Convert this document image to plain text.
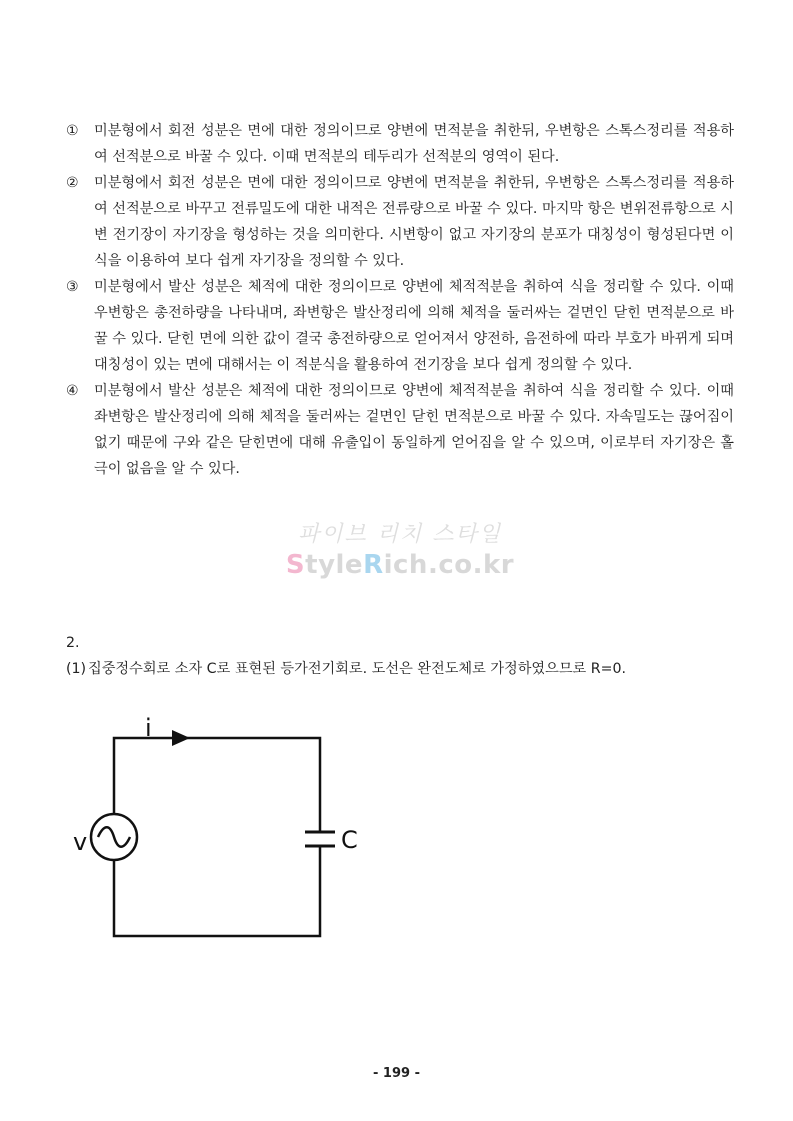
①	미분형에서 회전 성분은 면에 대한 정의이므로 양변에 면적분을 취한뒤, 우변항은 스톡스정리를 적용하여 선적분으로 바꿀 수 있다. 이때 면적분의 테두리가 선적분의 영역이 된다.
②	미분형에서 회전 성분은 면에 대한 정의이므로 양변에 면적분을 취한뒤, 우변항은 스톡스정리를 적용하여 선적분으로 바꾸고 전류밀도에 대한 내적은 전류량으로 바꿀 수 있다. 마지막 항은 변위전류항으로 시변 전기장이 자기장을 형성하는 것을 의미한다. 시변항이 없고 자기장의 분포가 대칭성이 형성된다면 이 식을 이용하여 보다 쉽게 자기장을 정의할 수 있다.
③	미분형에서 발산 성분은 체적에 대한 정의이므로 양변에 체적적분을 취하여 식을 정리할 수 있다. 이때 우변항은 총전하량을 나타내며, 좌변항은 발산정리에 의해 체적을 둘러싸는 겉면인 닫힌 면적분으로 바꿀 수 있다. 닫힌 면에 의한 값이 결국 총전하량으로 얻어져서 양전하, 음전하에 따라 부호가 바뀌게 되며 대칭성이 있는 면에 대해서는 이 적분식을 활용하여 전기장을 보다 쉽게 정의할 수 있다.
④	미분형에서 발산 성분은 체적에 대한 정의이므로 양변에 체적적분을 취하여 식을 정리할 수 있다. 이때 좌변항은 발산정리에 의해 체적을 둘러싸는 겉면인 닫힌 면적분으로 바꿀 수 있다. 자속밀도는 끊어짐이 없기 때문에 구와 같은 닫힌면에 대해 유출입이 동일하게 얻어짐을 알 수 있으며, 이로부터 자기장은 홀극이 없음을 알 수 있다.
파이브 리치 스타일
StyleRich.co.kr
2.
(1) 집중정수회로 소자 C로 표현된 등가전기회로. 도선은 완전도체로 가정하였으므로 R=0.
i
v	C
- 199 -
